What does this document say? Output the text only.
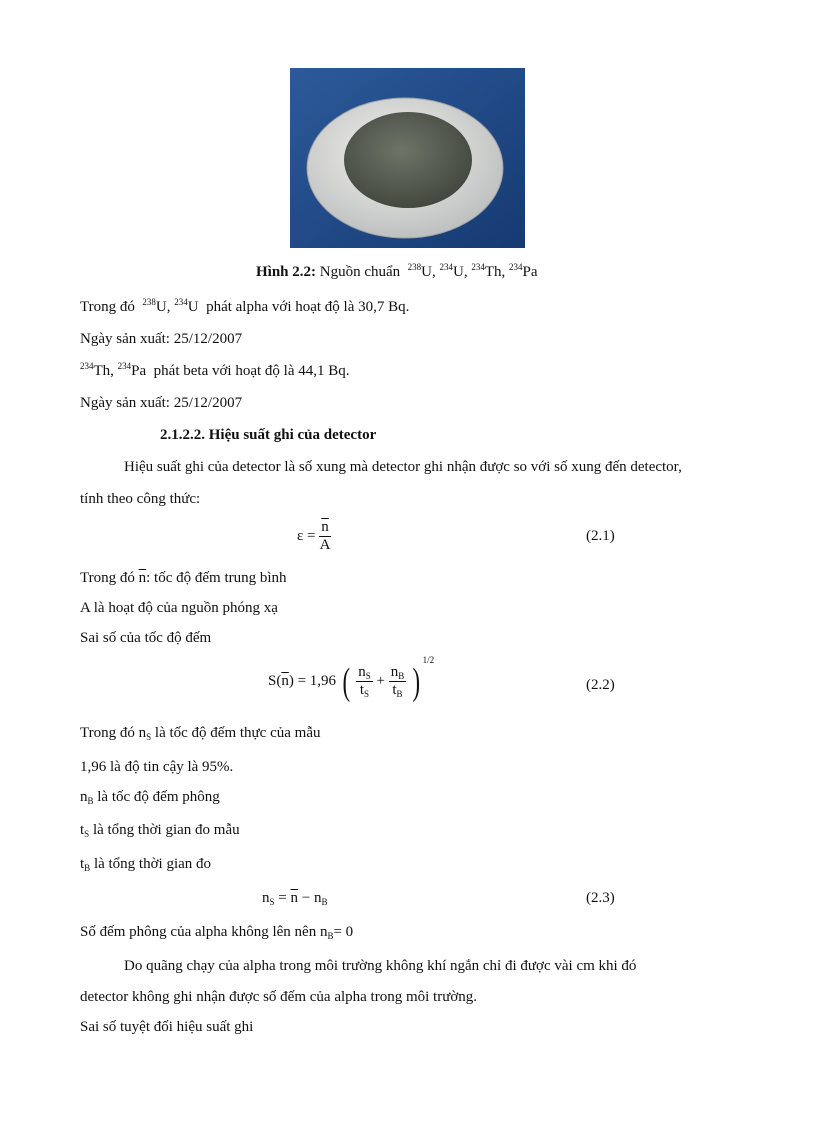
Hình 2.2: Nguồn chuẩn $^{238}$U, $^{234}$U, $^{234}$Th, $^{234}$Pa
Trong đó $^{238}$U, $^{234}$U phát alpha với hoạt độ là 30,7 Bq.
Ngày sản xuất: 25/12/2007
$^{234}$Th, $^{234}$Pa phát beta với hoạt độ là 44,1 Bq.
Ngày sản xuất: 25/12/2007
2.1.2.2. Hiệu suất ghi của detector
Hiệu suất ghi của detector là số xung mà detector ghi nhận được so với số xung đến detector,
tính theo công thức:
$\varepsilon = \frac{\overline{n}}{A}$	(2.1)
Trong đó $\overline{n}$: tốc độ đếm trung bình
A là hoạt độ của nguồn phóng xạ
Sai số của tốc độ đếm
$S(\overline{n}) = 1,96$ ( $\frac{n_S}{t_S} + \frac{n_B}{t_B} )^{1/2}$
(2.2)
Trong đó $n_S$ là tốc độ đếm thực của mẫu
1,96 là độ tin cậy là 95%.
$n_B$ là tốc độ đếm phông
$t_S$ là tổng thời gian đo mẫu
$t_B$ là tổng thời gian đo
$n_S = \overline{n} - n_B$	(2.3)
Số đếm phông của alpha không lên nên $n_B= 0$
Do quãng chạy của alpha trong môi trường không khí ngắn chỉ đi được vài cm khi đó
detector không ghi nhận được số đếm của alpha trong môi trường.
Sai số tuyệt đối hiệu suất ghi
